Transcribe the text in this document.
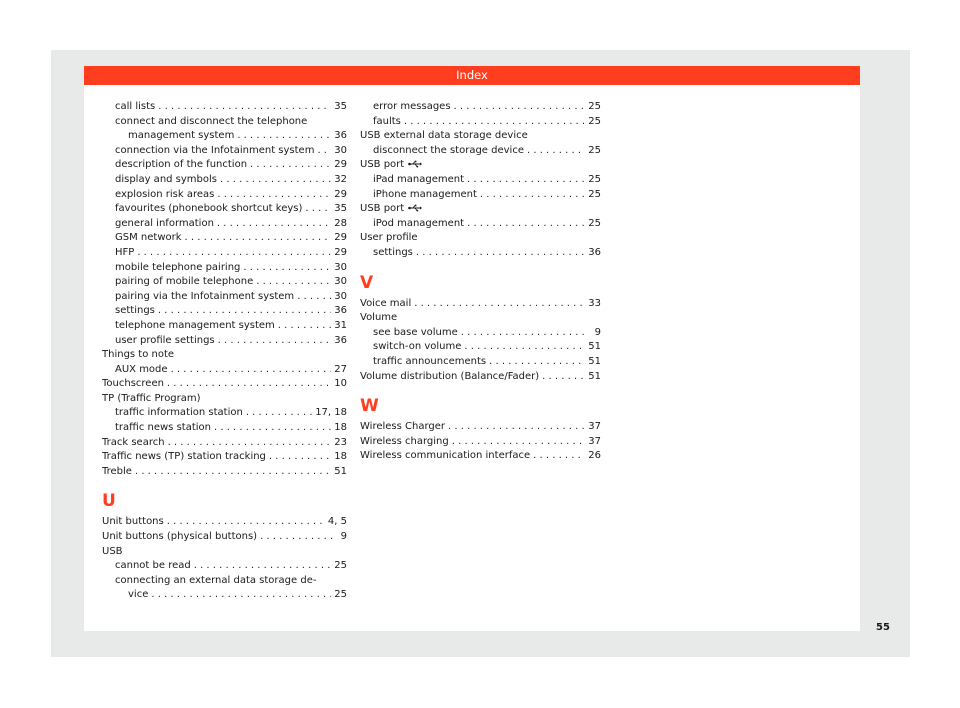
Index
call lists . . .	35
connect and disconnect the telephone
management system . . .	36
connection via the Infotainment system . . . 30
description of the function . . .	29
display and symbols . . .	32
explosion risk areas . . .	29
favourites (phonebook shortcut keys) . . .	35
general information . . .	28
GSM network . . .	29
HFP . . .	29
mobile telephone pairing . . .	30
pairing of mobile telephone . . .	30
pairing via the Infotainment system . . .	30
settings . . .	36
telephone management system . . .	31
user profile settings . . .	36
Things to note
AUX mode . . .	27
Touchscreen . . .	10
TP (Traffic Program)
traffic information station . . .	17, 18
traffic news station . . .	18
Track search . . .	23
Traffic news (TP) station tracking . . .	18
Treble . . .	51
U
Unit buttons . . .	4, 5
Unit buttons (physical buttons) . . .	9
USB
cannot be read . . .	25
connecting an external data storage de-
vice . . .	25
error messages . . .	25
faults . . .	25
USB external data storage device
disconnect the storage device . . .	25
USB port
iPad management . . .	25
iPhone management . . .	25
USB port
iPod management . . .	25
User profile
settings . . .	36
V
Voice mail . . .	33
Volume
see base volume . . .	9
switch-on volume . . .	51
traffic announcements . . .	51
Volume distribution (Balance/Fader) . . .	51
W
Wireless Charger . . .	37
Wireless charging . . .	37
Wireless communication interface . . .	26
55
